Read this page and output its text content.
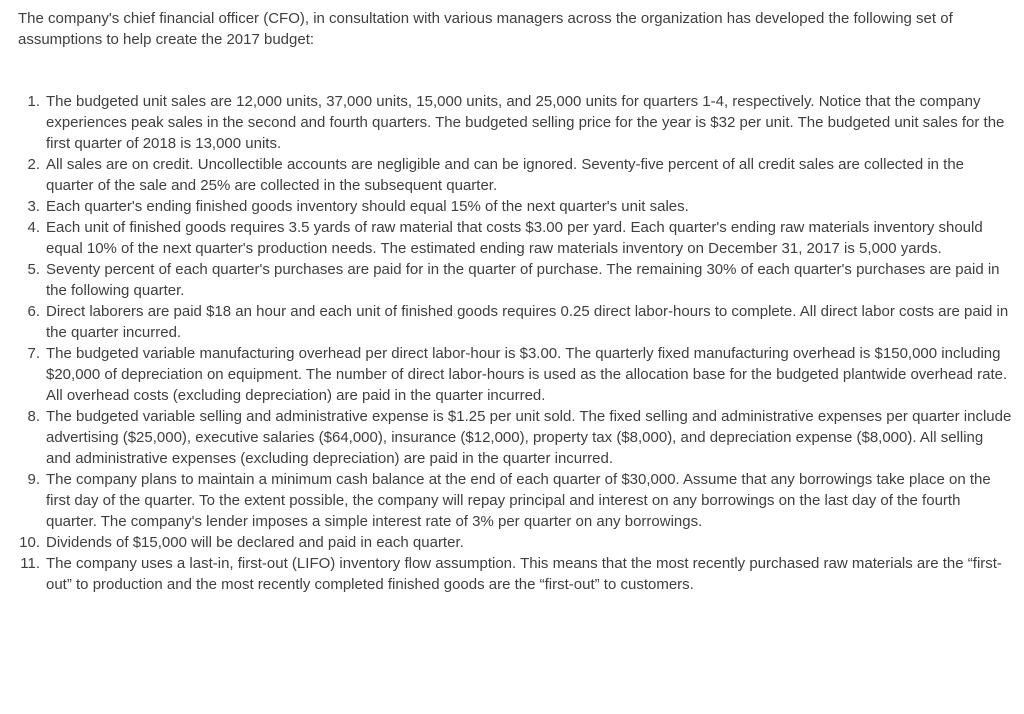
The company's chief financial officer (CFO), in consultation with various managers across the organization has developed the following set of assumptions to help create the 2017 budget:

1. The budgeted unit sales are 12,000 units, 37,000 units, 15,000 units, and 25,000 units for quarters 1-4, respectively. Notice that the company experiences peak sales in the second and fourth quarters. The budgeted selling price for the year is $32 per unit. The budgeted unit sales for the first quarter of 2018 is 13,000 units.
2. All sales are on credit. Uncollectible accounts are negligible and can be ignored. Seventy-five percent of all credit sales are collected in the quarter of the sale and 25% are collected in the subsequent quarter.
3. Each quarter's ending finished goods inventory should equal 15% of the next quarter's unit sales.
4. Each unit of finished goods requires 3.5 yards of raw material that costs $3.00 per yard. Each quarter's ending raw materials inventory should equal 10% of the next quarter's production needs. The estimated ending raw materials inventory on December 31, 2017 is 5,000 yards.
5. Seventy percent of each quarter's purchases are paid for in the quarter of purchase. The remaining 30% of each quarter's purchases are paid in the following quarter.
6. Direct laborers are paid $18 an hour and each unit of finished goods requires 0.25 direct labor-hours to complete. All direct labor costs are paid in the quarter incurred.
7. The budgeted variable manufacturing overhead per direct labor-hour is $3.00. The quarterly fixed manufacturing overhead is $150,000 including $20,000 of depreciation on equipment. The number of direct labor-hours is used as the allocation base for the budgeted plantwide overhead rate. All overhead costs (excluding depreciation) are paid in the quarter incurred.
8. The budgeted variable selling and administrative expense is $1.25 per unit sold. The fixed selling and administrative expenses per quarter include advertising ($25,000), executive salaries ($64,000), insurance ($12,000), property tax ($8,000), and depreciation expense ($8,000). All selling and administrative expenses (excluding depreciation) are paid in the quarter incurred.
9. The company plans to maintain a minimum cash balance at the end of each quarter of $30,000. Assume that any borrowings take place on the first day of the quarter. To the extent possible, the company will repay principal and interest on any borrowings on the last day of the fourth quarter. The company's lender imposes a simple interest rate of 3% per quarter on any borrowings.
10. Dividends of $15,000 will be declared and paid in each quarter.
11. The company uses a last-in, first-out (LIFO) inventory flow assumption. This means that the most recently purchased raw materials are the “first-out” to production and the most recently completed finished goods are the “first-out” to customers.
